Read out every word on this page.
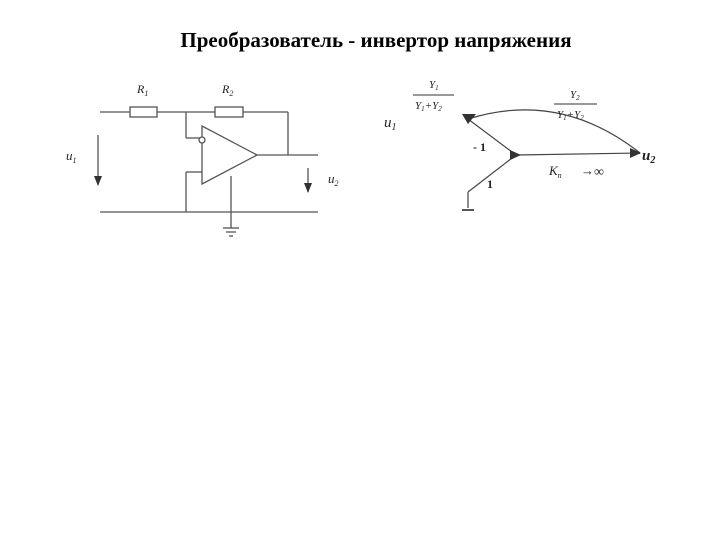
Преобразователь - инвертор напряжения
$R_1$	$R_2$
$u_1$
$u_2$
$u_1$
$u_2$
Y1
Y1+Y2
Y2
Y1+Y2
- 1
1
$K_n$ → ∞
